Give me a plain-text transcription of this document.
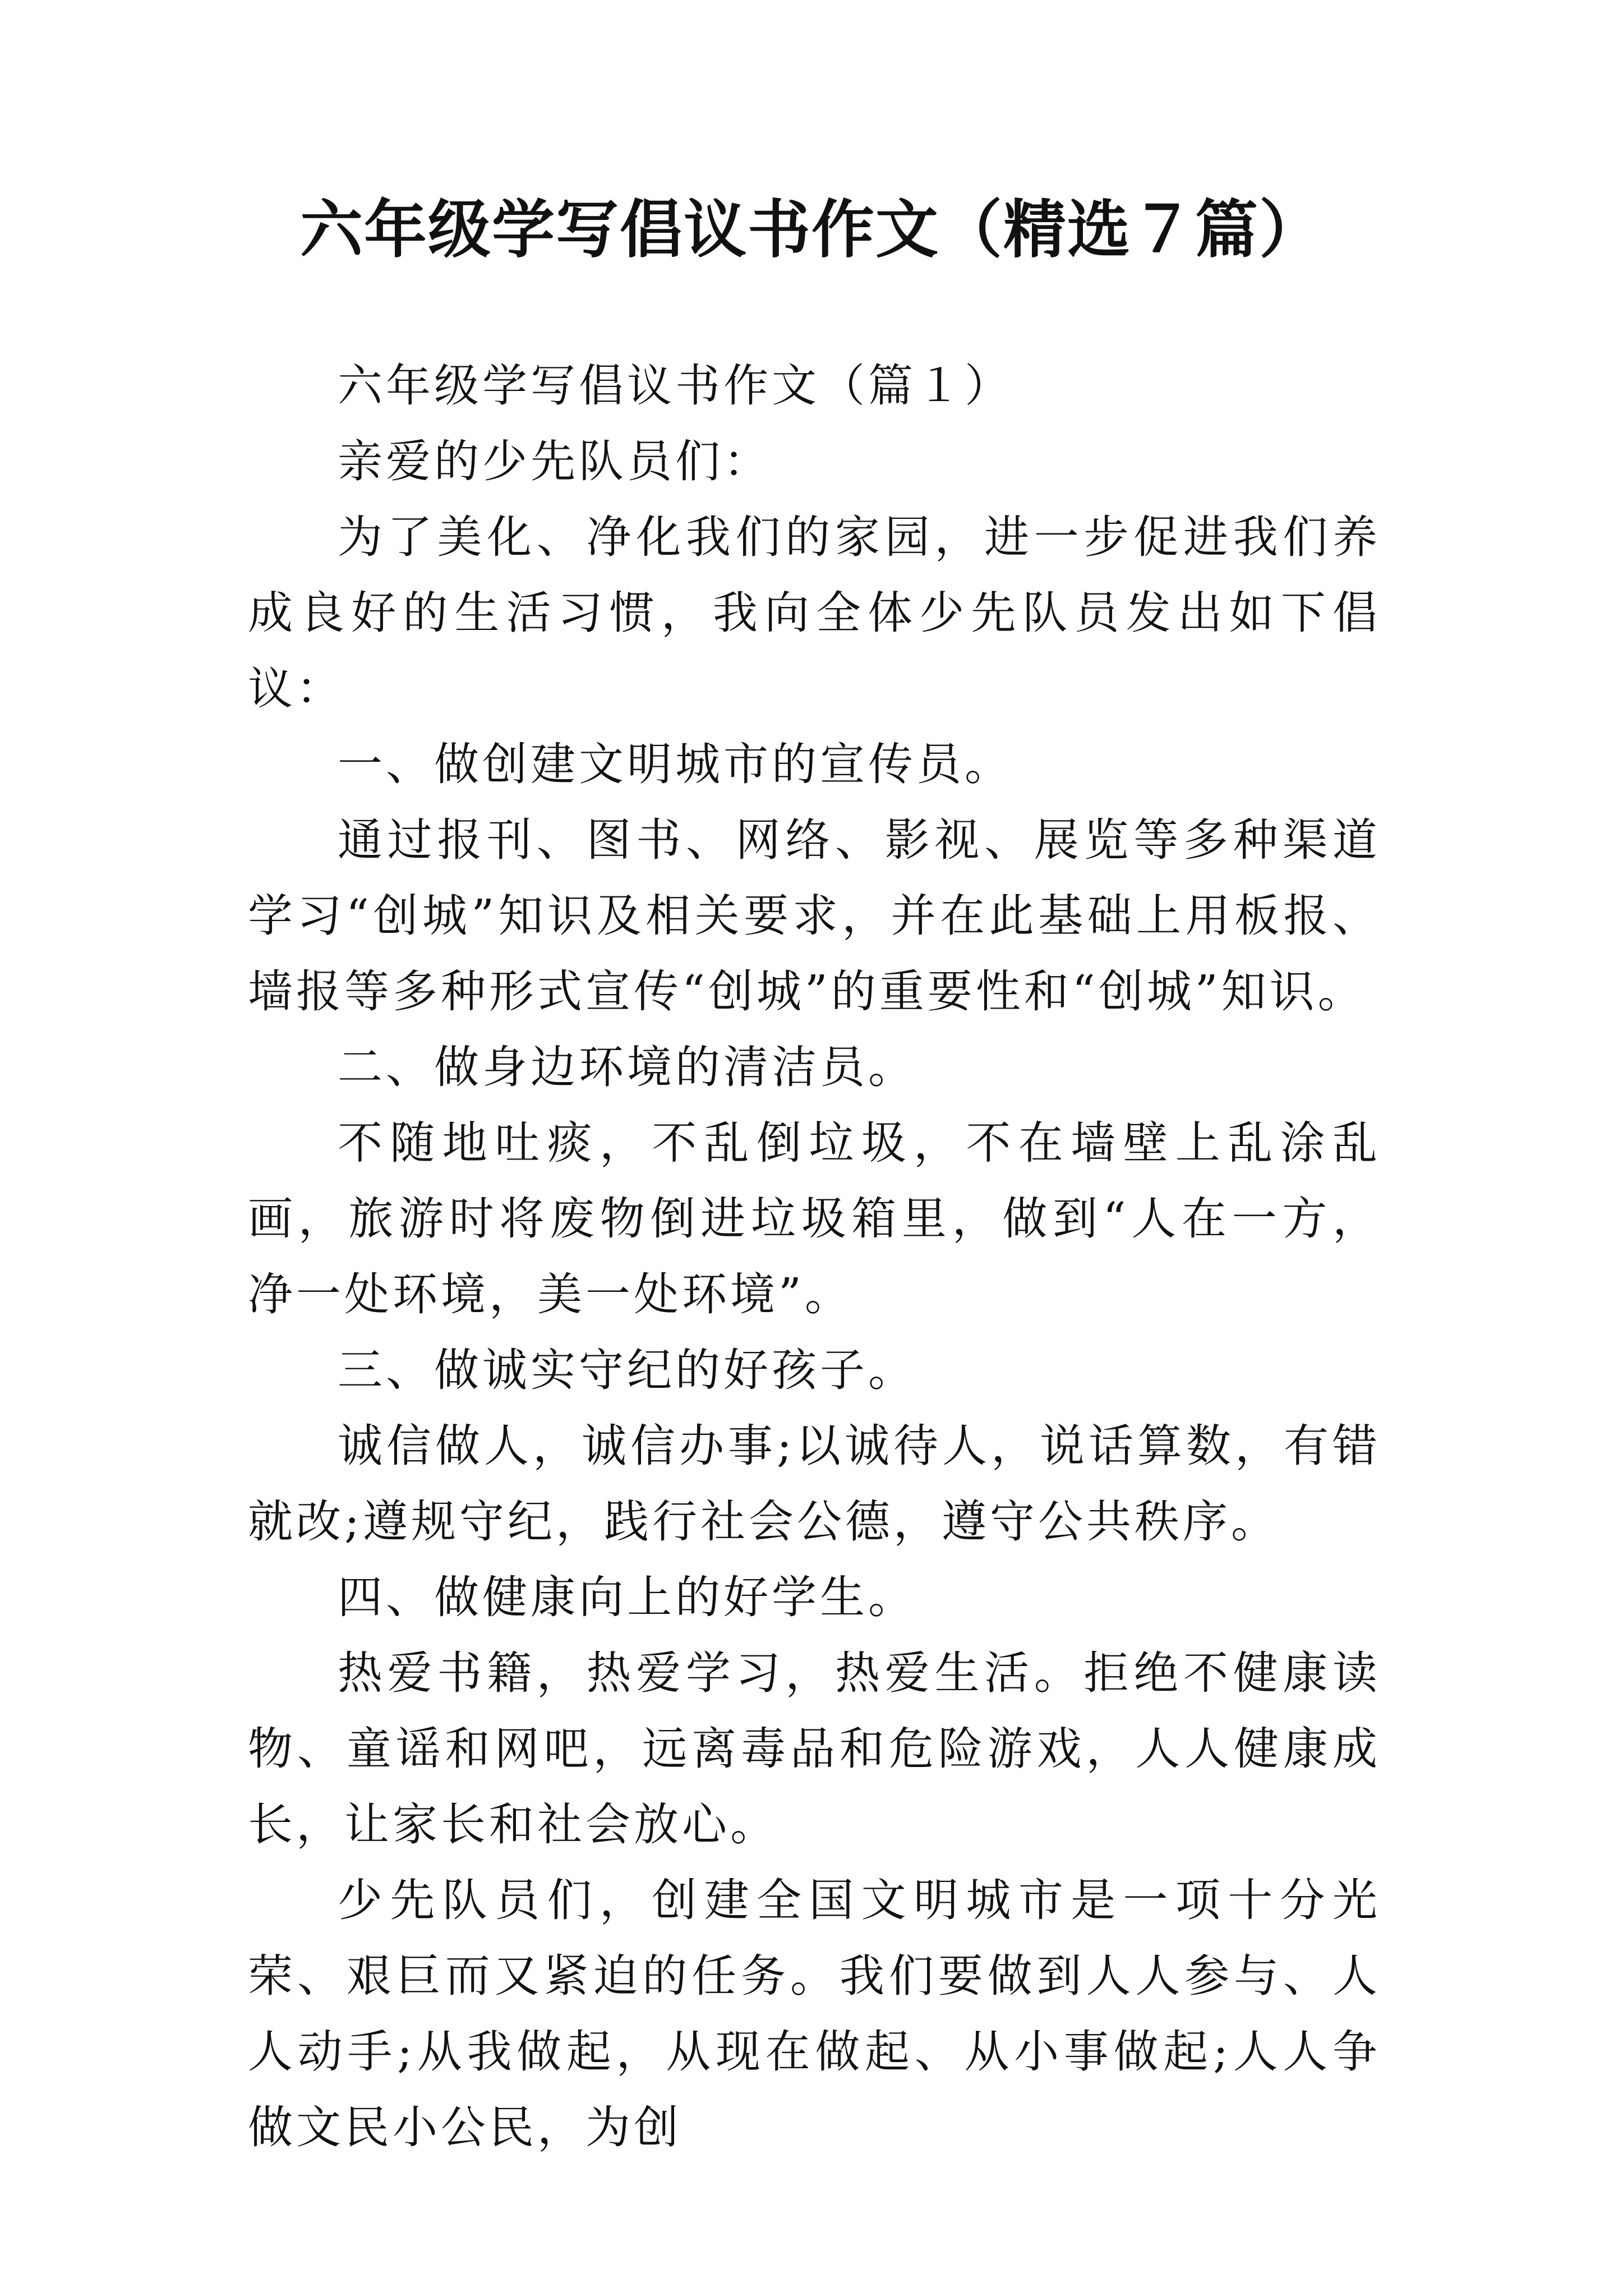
六年级学写倡议书作文（精选７篇）

六年级学写倡议书作文（篇１）

亲爱的少先队员们：

为了美化、净化我们的家园，进一步促进我们养成良好的生活习惯，我向全体少先队员发出如下倡议：

一、做创建文明城市的宣传员。

通过报刊、图书、网络、影视、展览等多种渠道学习“创城”知识及相关要求，并在此基础上用板报、墙报等多种形式宣传“创城”的重要性和“创城”知识。

二、做身边环境的清洁员。

不随地吐痰，不乱倒垃圾，不在墙壁上乱涂乱画，旅游时将废物倒进垃圾箱里，做到“人在一方，净一处环境，美一处环境”。

三、做诚实守纪的好孩子。

诚信做人，诚信办事;以诚待人，说话算数，有错就改;遵规守纪，践行社会公德，遵守公共秩序。

四、做健康向上的好学生。

热爱书籍，热爱学习，热爱生活。拒绝不健康读物、童谣和网吧，远离毒品和危险游戏，人人健康成长，让家长和社会放心。

少先队员们，创建全国文明城市是一项十分光荣、艰巨而又紧迫的任务。我们要做到人人参与、人人动手;从我做起，从现在做起、从小事做起;人人争做文民小公民，为创
